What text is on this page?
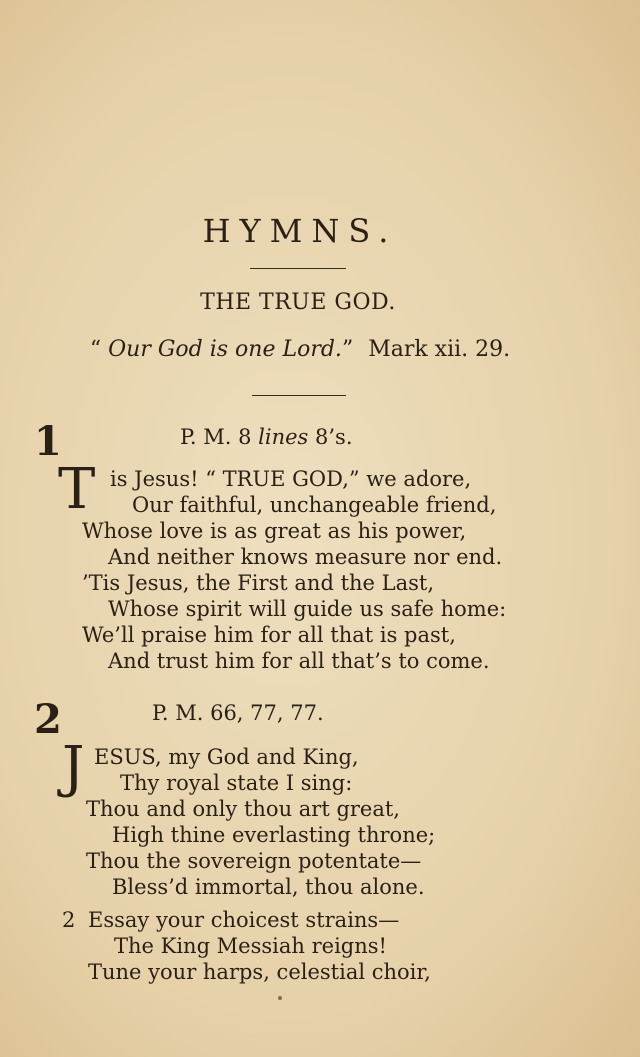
HYMNS.
THE TRUE GOD.
“ Our God is one Lord.” Mark xii. 29.
1	P. M. 8 lines 8’s.
T is Jesus! “ TRUE GOD,” we adore,
Our faithful, unchangeable friend,
Whose love is as great as his power,
And neither knows measure nor end.
’Tis Jesus, the First and the Last,
Whose spirit will guide us safe home:
We’ll praise him for all that is past,
And trust him for all that’s to come.
2	P. M. 66, 77, 77.
J ESUS, my God and King,
Thy royal state I sing:
Thou and only thou art great,
High thine everlasting throne;
Thou the sovereign potentate—
Bless’d immortal, thou alone.
2 Essay your choicest strains—
The King Messiah reigns!
Tune your harps, celestial choir,
